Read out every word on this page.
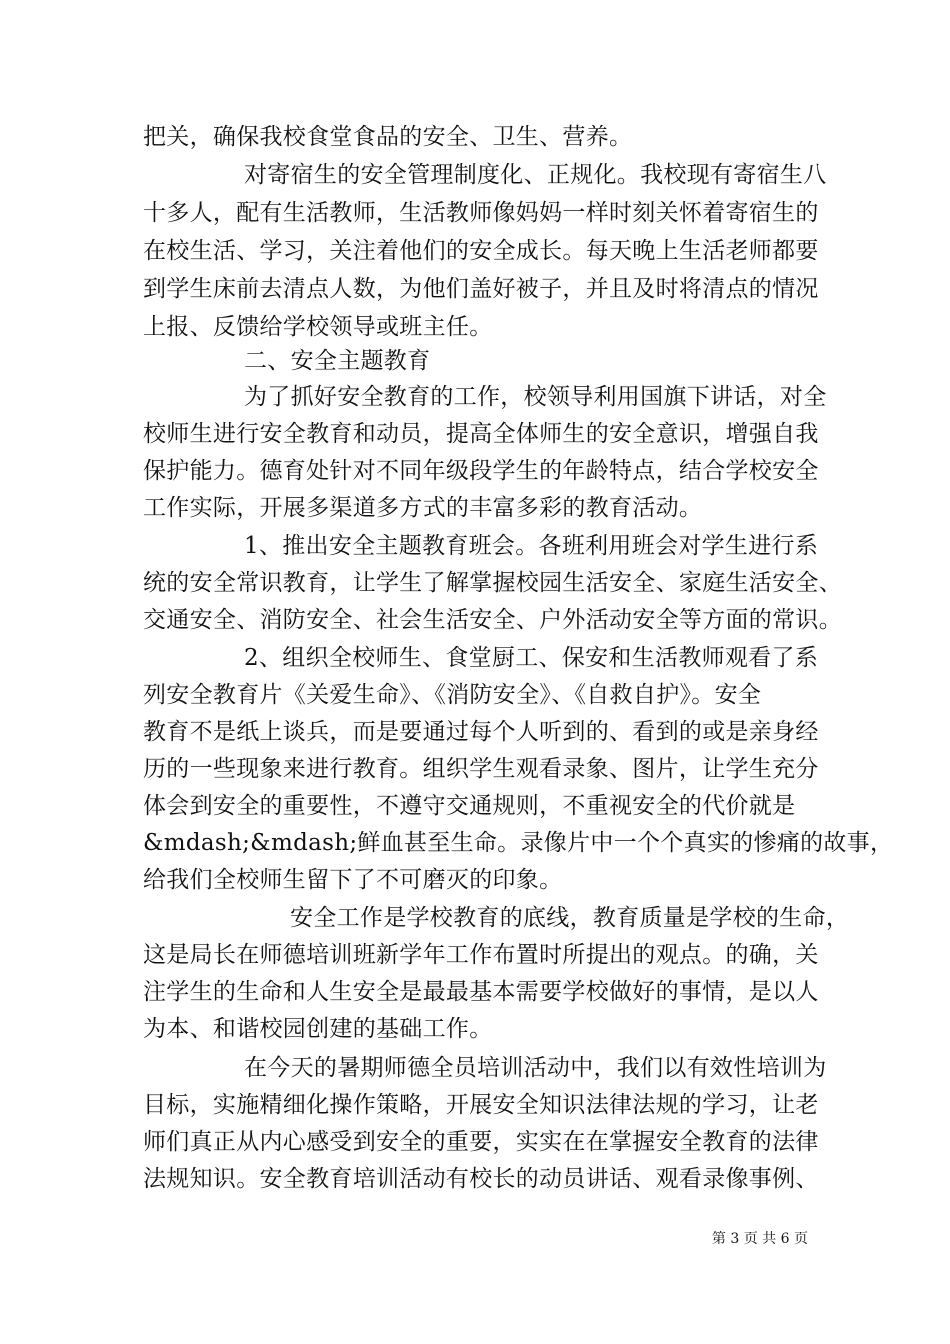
把关，确保我校食堂食品的安全、卫生、营养。
对寄宿生的安全管理制度化、正规化。我校现有寄宿生八
十多人，配有生活教师，生活教师像妈妈一样时刻关怀着寄宿生的
在校生活、学习，关注着他们的安全成长。每天晚上生活老师都要
到学生床前去清点人数，为他们盖好被子，并且及时将清点的情况
上报、反馈给学校领导或班主任。
二、安全主题教育
为了抓好安全教育的工作，校领导利用国旗下讲话，对全
校师生进行安全教育和动员，提高全体师生的安全意识，增强自我
保护能力。德育处针对不同年级段学生的年龄特点，结合学校安全
工作实际，开展多渠道多方式的丰富多彩的教育活动。
1、推出安全主题教育班会。各班利用班会对学生进行系
统的安全常识教育，让学生了解掌握校园生活安全、家庭生活安全、
交通安全、消防安全、社会生活安全、户外活动安全等方面的常识。
2、组织全校师生、食堂厨工、保安和生活教师观看了系
列安全教育片《关爱生命》、《消防安全》、《自救自护》。安全
教育不是纸上谈兵，而是要通过每个人听到的、看到的或是亲身经
历的一些现象来进行教育。组织学生观看录象、图片，让学生充分
体会到安全的重要性，不遵守交通规则，不重视安全的代价就是
&mdash;&mdash;鲜血甚至生命。录像片中一个个真实的惨痛的故事，
给我们全校师生留下了不可磨灭的印象。
安全工作是学校教育的底线，教育质量是学校的生命，
这是局长在师德培训班新学年工作布置时所提出的观点。的确，关
注学生的生命和人生安全是最最基本需要学校做好的事情，是以人
为本、和谐校园创建的基础工作。
在今天的暑期师德全员培训活动中，我们以有效性培训为
目标，实施精细化操作策略，开展安全知识法律法规的学习，让老
师们真正从内心感受到安全的重要，实实在在掌握安全教育的法律
法规知识。安全教育培训活动有校长的动员讲话、观看录像事例、
第 3 页 共 6 页
